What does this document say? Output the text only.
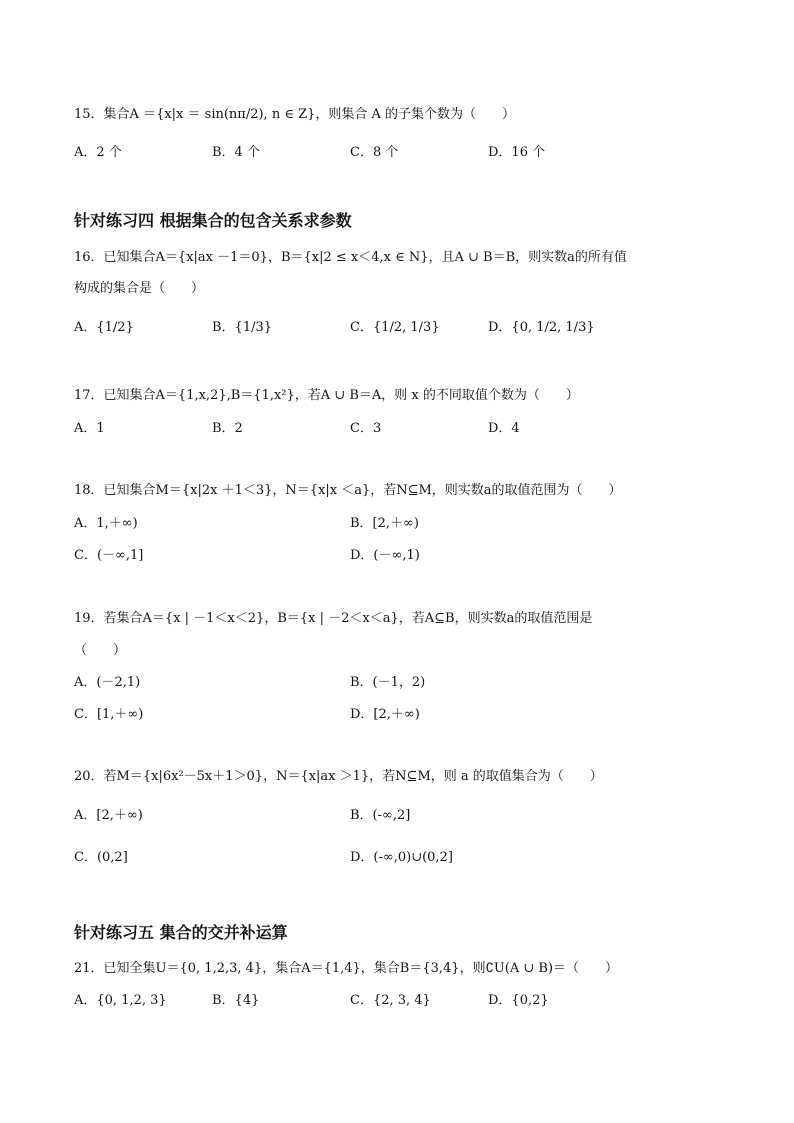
15．集合A ＝{x|x ＝ sin(nπ/2), n ∈ Z}，则集合 A 的子集个数为（　　）
A．2 个	B．4 个	C．8 个	D．16 个
针对练习四 根据集合的包含关系求参数
16．已知集合A＝{x|ax －1＝0}，B＝{x|2 ≤ x＜4,x ∈ N}，且A ∪ B＝B，则实数a的所有值
构成的集合是（　　）
A．{1/2}	B．{1/3}	C．{1/2, 1/3}	D．{0, 1/2, 1/3}
17．已知集合A＝{1,x,2},B＝{1,x²}，若A ∪ B＝A，则 x 的不同取值个数为（　　）
A．1	B．2	C．3	D．4
18．已知集合M＝{x|2x ＋1＜3}，N＝{x|x ＜a}，若N⊆M，则实数a的取值范围为（　　）
A．1,＋∞)	B．[2,＋∞)
C．(－∞,1]	D．(－∞,1)
19．若集合A＝{x | －1＜x＜2}，B＝{x | －2＜x＜a}，若A⊆B，则实数a的取值范围是
（　　）
A．(－2,1)	B．(－1，2)
C．[1,＋∞)	D．[2,＋∞)
20．若M＝{x|6x²－5x＋1＞0}，N＝{x|ax ＞1}，若N⊆M，则 a 的取值集合为（　　）
A．[2,＋∞)	B．(-∞,2]
C．(0,2]	D．(-∞,0)∪(0,2]
针对练习五 集合的交并补运算
21．已知全集U＝{0, 1,2,3, 4}，集合A＝{1,4}，集合B＝{3,4}，则∁U(A ∪ B)＝（　　）
A．{0, 1,2, 3}	B．{4}	C．{2, 3, 4}	D．{0,2}
